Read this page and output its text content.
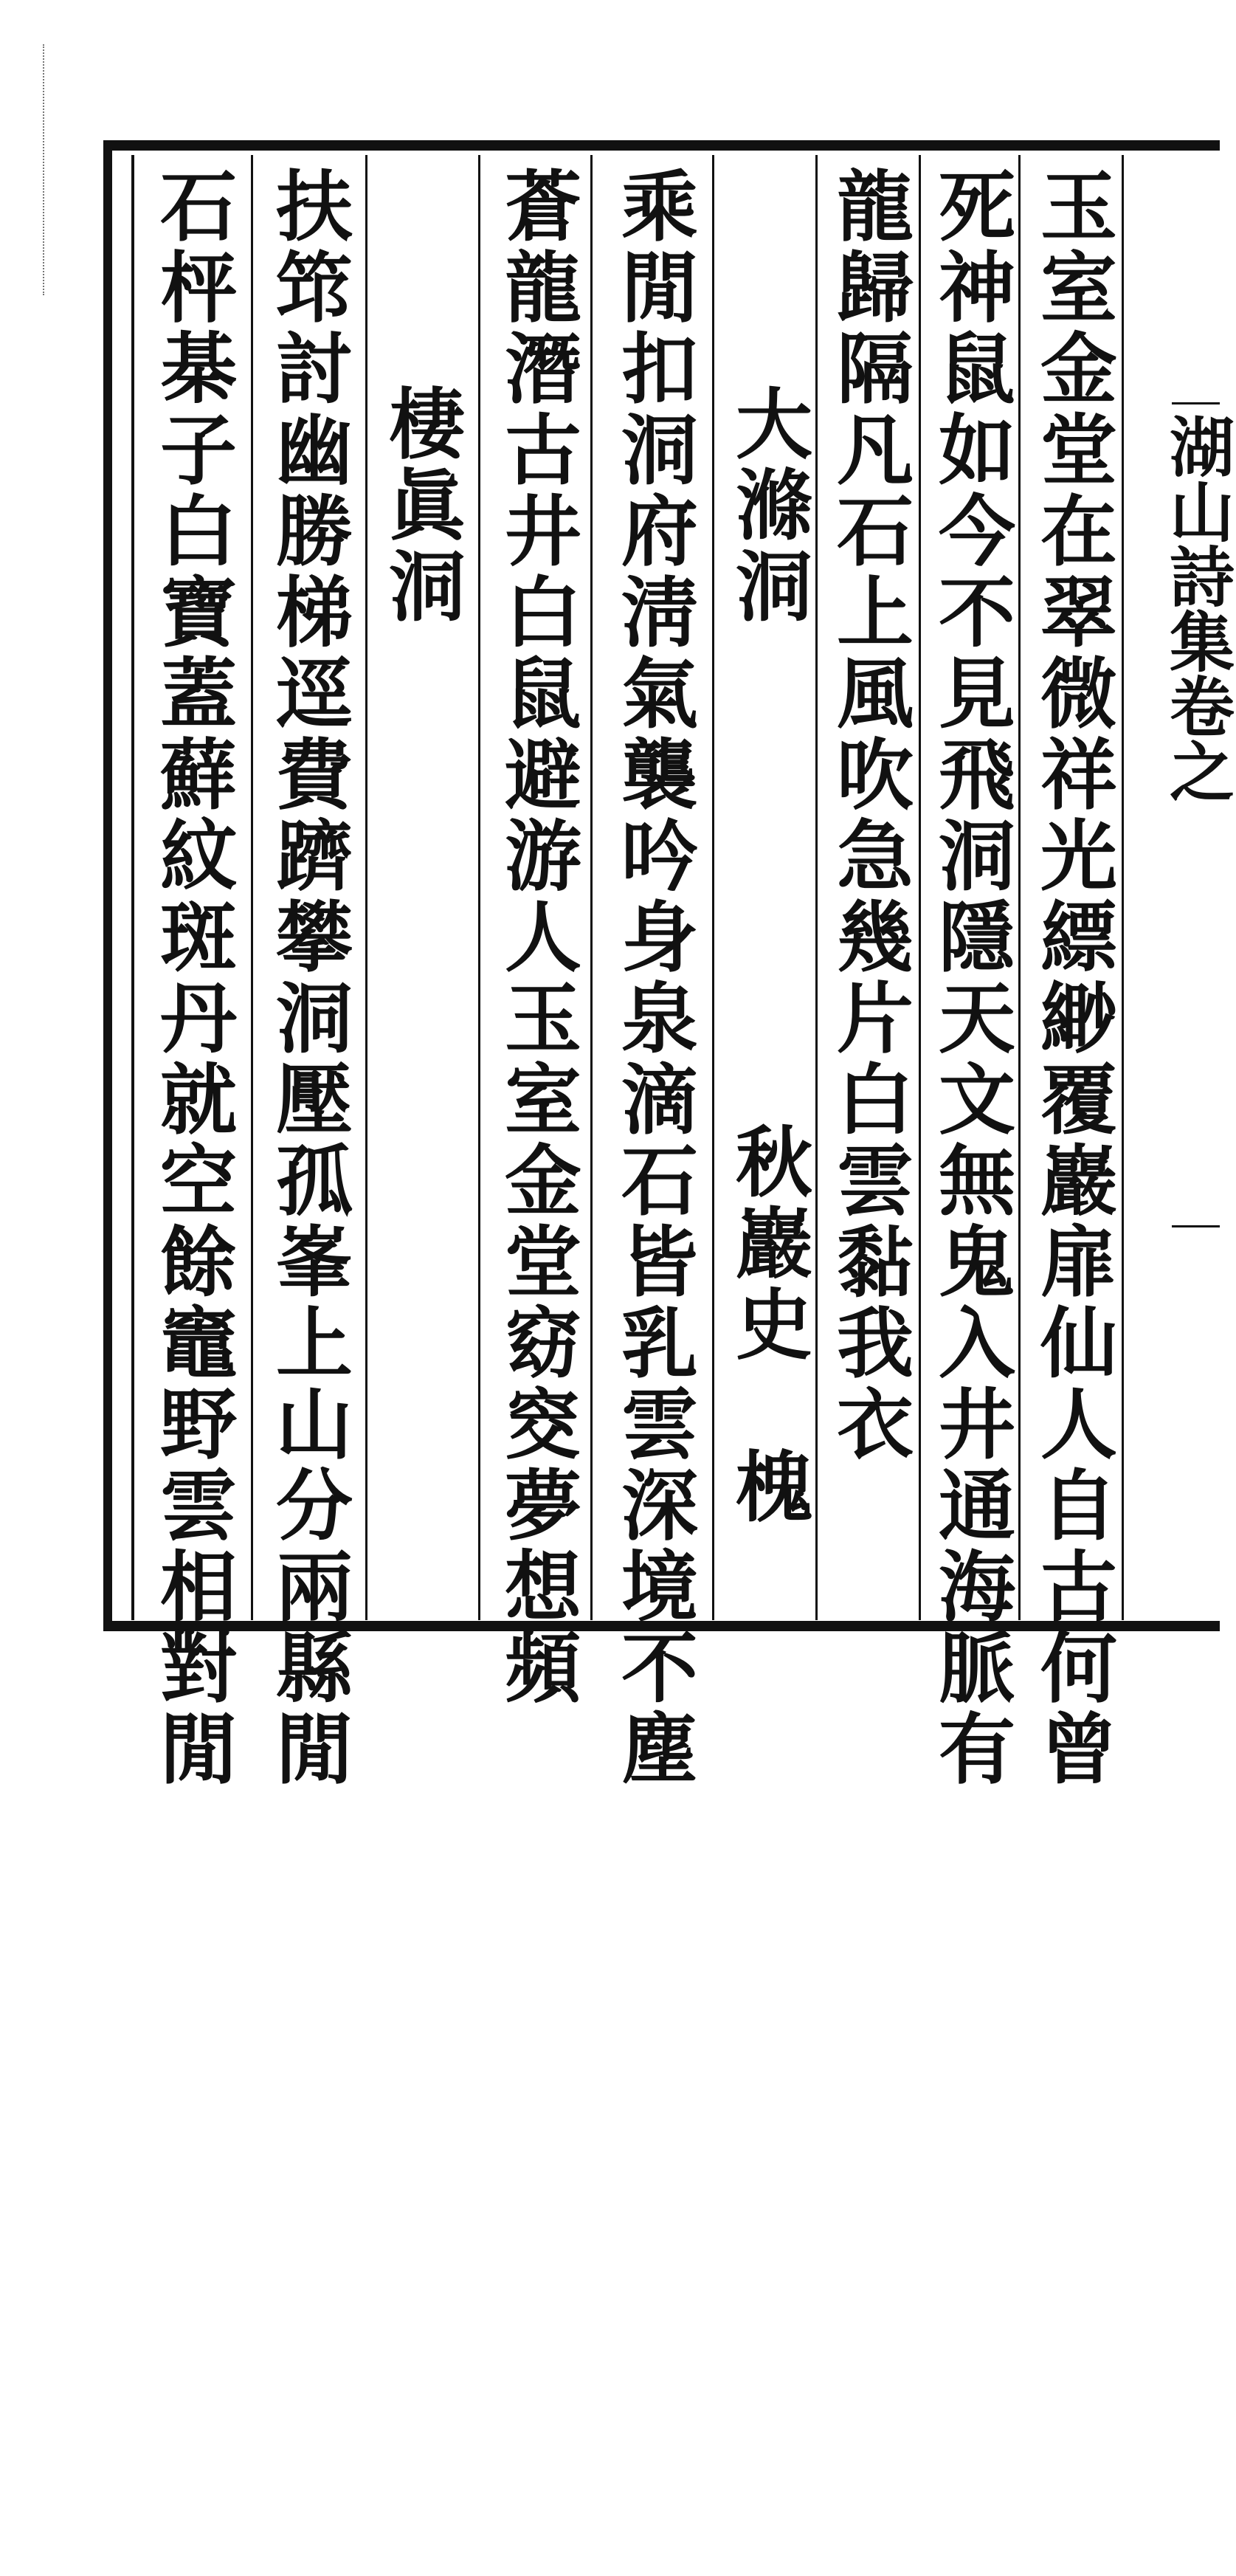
玉室金堂在翠微祥光縹緲覆巖扉仙人自古何曾
死神鼠如今不見飛洞隱天文無鬼入井通海脈有
龍歸隔凡石上風吹急幾片白雲黏我衣
大滌洞
秋巖史　槐
乘閒扣洞府淸氣襲吟身泉滴石皆乳雲深境不塵
蒼龍潛古井白鼠避游人玉室金堂窈窔夢想頻
棲眞洞
扶筇討幽勝梯逕費躋攀洞壓孤峯上山分兩縣閒
石枰棊子白寶蓋蘚紋斑丹就空餘竈野雲相對閒	湖山詩集卷之
